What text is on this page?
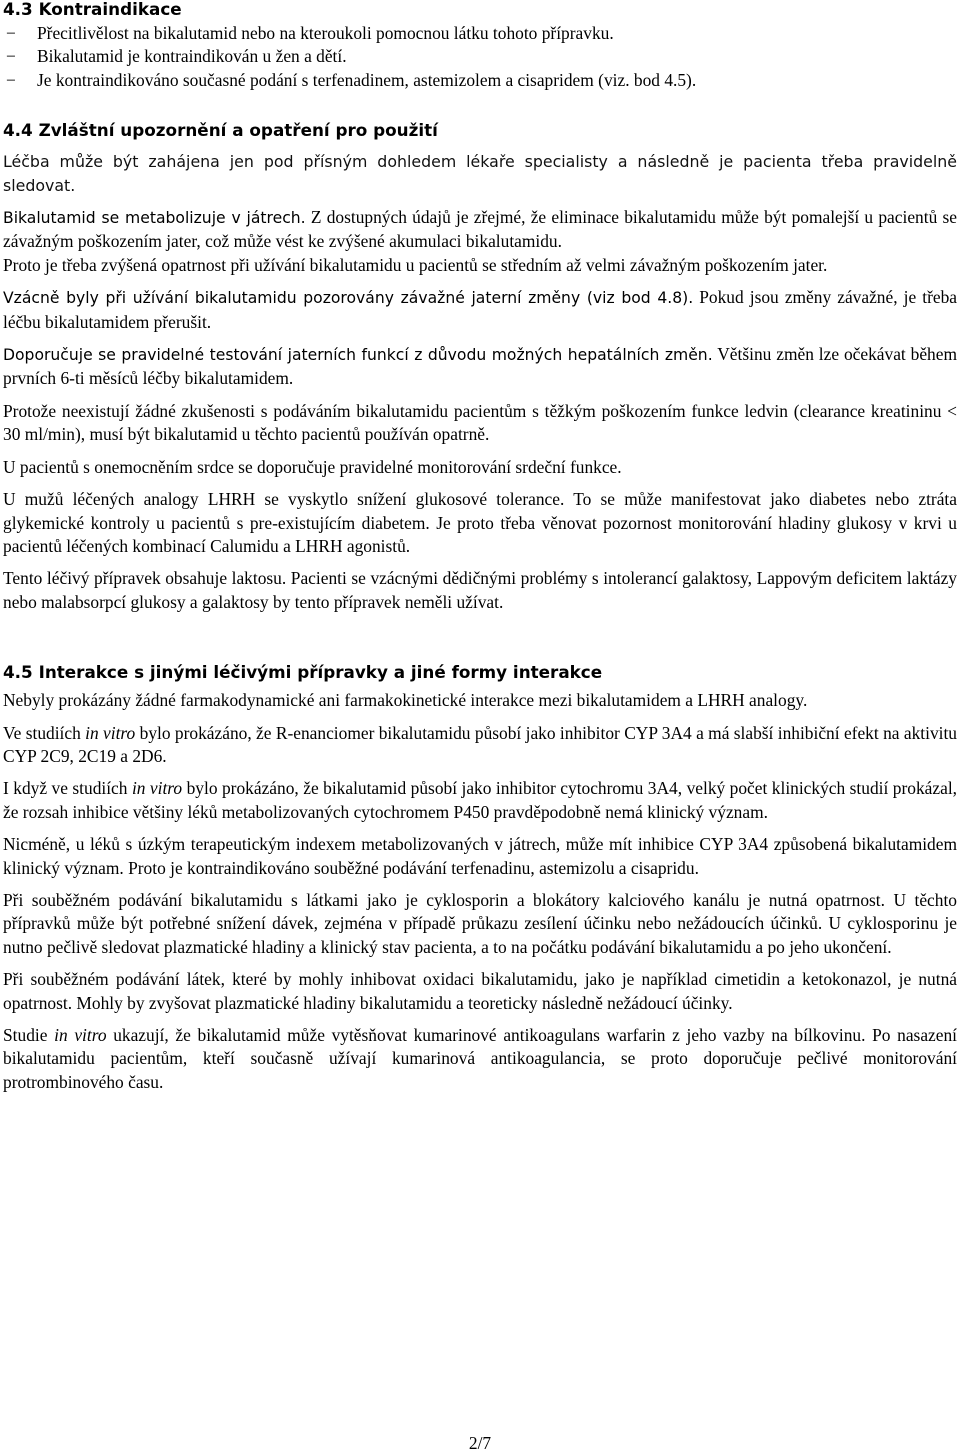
4.3 Kontraindikace
− Přecitlivělost na bikalutamid nebo na kteroukoli pomocnou látku tohoto přípravku.
− Bikalutamid je kontraindikován u žen a dětí.
− Je kontraindikováno současné podání s terfenadinem, astemizolem a cisapridem (viz. bod 4.5).
4.4 Zvláštní upozornění a opatření pro použití

Léčba může být zahájena jen pod přísným dohledem lékaře specialisty a následně je pacienta třeba pravidelně sledovat.

Bikalutamid se metabolizuje v játrech. Z dostupných údajů je zřejmé, že eliminace bikalutamidu může být pomalejší u pacientů se závažným poškozením jater, což může vést ke zvýšené akumulaci bikalutamidu.

Proto je třeba zvýšená opatrnost při užívání bikalutamidu u pacientů se středním až velmi závažným poškozením jater.

Vzácně byly při užívání bikalutamidu pozorovány závažné jaterní změny (viz bod 4.8). Pokud jsou změny závažné, je třeba léčbu bikalutamidem přerušit.

Doporučuje se pravidelné testování jaterních funkcí z důvodu možných hepatálních změn. Většinu změn lze očekávat během prvních 6-ti měsíců léčby bikalutamidem.

Protože neexistují žádné zkušenosti s podáváním bikalutamidu pacientům s těžkým poškozením funkce ledvin (clearance kreatininu < 30 ml/min), musí být bikalutamid u těchto pacientů používán opatrně.

U pacientů s onemocněním srdce se doporučuje pravidelné monitorování srdeční funkce.

U mužů léčených analogy LHRH se vyskytlo snížení glukosové tolerance. To se může manifestovat jako diabetes nebo ztráta glykemické kontroly u pacientů s pre-existujícím diabetem. Je proto třeba věnovat pozornost monitorování hladiny glukosy v krvi u pacientů léčených kombinací Calumidu a LHRH agonistů.

Tento léčivý přípravek obsahuje laktosu. Pacienti se vzácnými dědičnými problémy s intolerancí galaktosy, Lappovým deficitem laktázy nebo malabsorpcí glukosy a galaktosy by tento přípravek neměli užívat.

4.5 Interakce s jinými léčivými přípravky a jiné formy interakce

Nebyly prokázány žádné farmakodynamické ani farmakokinetické interakce mezi bikalutamidem a LHRH analogy.

Ve studiích in vitro bylo prokázáno, že R-enanciomer bikalutamidu působí jako inhibitor CYP 3A4 a má slabší inhibiční efekt na aktivitu CYP 2C9, 2C19 a 2D6.

I když ve studiích in vitro bylo prokázáno, že bikalutamid působí jako inhibitor cytochromu 3A4, velký počet klinických studií prokázal, že rozsah inhibice většiny léků metabolizovaných cytochromem P450 pravděpodobně nemá klinický význam.

Nicméně, u léků s úzkým terapeutickým indexem metabolizovaných v játrech, může mít inhibice CYP 3A4 způsobená bikalutamidem klinický význam. Proto je kontraindikováno souběžné podávání terfenadinu, astemizolu a cisapridu.

Při souběžném podávání bikalutamidu s látkami jako je cyklosporin a blokátory kalciového kanálu je nutná opatrnost. U těchto přípravků může být potřebné snížení dávek, zejména v případě průkazu zesílení účinku nebo nežádoucích účinků. U cyklosporinu je nutno pečlivě sledovat plazmatické hladiny a klinický stav pacienta, a to na počátku podávání bikalutamidu a po jeho ukončení.

Při souběžném podávání látek, které by mohly inhibovat oxidaci bikalutamidu, jako je například cimetidin a ketokonazol, je nutná opatrnost. Mohly by zvyšovat plazmatické hladiny bikalutamidu a teoreticky následně nežádoucí účinky.

Studie in vitro ukazují, že bikalutamid může vytěsňovat kumarinové antikoagulans warfarin z jeho vazby na bílkovinu. Po nasazení bikalutamidu pacientům, kteří současně užívají kumarinová antikoagulancia, se proto doporučuje pečlivé monitorování protrombinového času.

2/7
